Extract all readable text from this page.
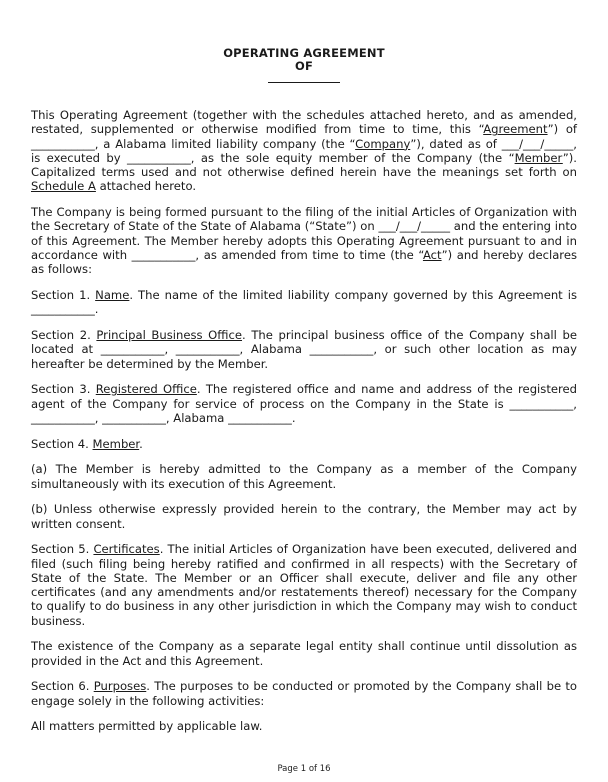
OPERATING AGREEMENT
OF

This Operating Agreement (together with the schedules attached hereto, and as amended, restated, supplemented or otherwise modified from time to time, this “Agreement”) of ___________, a Alabama limited liability company (the “Company”), dated as of ___/___/_____, is executed by ___________, as the sole equity member of the Company (the “Member”). Capitalized terms used and not otherwise defined herein have the meanings set forth on Schedule A attached hereto.

The Company is being formed pursuant to the filing of the initial Articles of Organization with the Secretary of State of the State of Alabama (“State”) on ___/___/_____ and the entering into of this Agreement. The Member hereby adopts this Operating Agreement pursuant to and in accordance with ___________, as amended from time to time (the “Act”) and hereby declares as follows:

Section 1. Name. The name of the limited liability company governed by this Agreement is ___________.

Section 2. Principal Business Office. The principal business office of the Company shall be located at ___________, ___________, Alabama ___________, or such other location as may hereafter be determined by the Member.

Section 3. Registered Office. The registered office and name and address of the registered agent of the Company for service of process on the Company in the State is ___________, ___________, ___________, Alabama ___________.

Section 4. Member.

(a) The Member is hereby admitted to the Company as a member of the Company simultaneously with its execution of this Agreement.

(b) Unless otherwise expressly provided herein to the contrary, the Member may act by written consent.

Section 5. Certificates. The initial Articles of Organization have been executed, delivered and filed (such filing being hereby ratified and confirmed in all respects) with the Secretary of State of the State. The Member or an Officer shall execute, deliver and file any other certificates (and any amendments and/or restatements thereof) necessary for the Company to qualify to do business in any other jurisdiction in which the Company may wish to conduct business.

The existence of the Company as a separate legal entity shall continue until dissolution as provided in the Act and this Agreement.

Section 6. Purposes. The purposes to be conducted or promoted by the Company shall be to engage solely in the following activities:

All matters permitted by applicable law.

Page 1 of 16
